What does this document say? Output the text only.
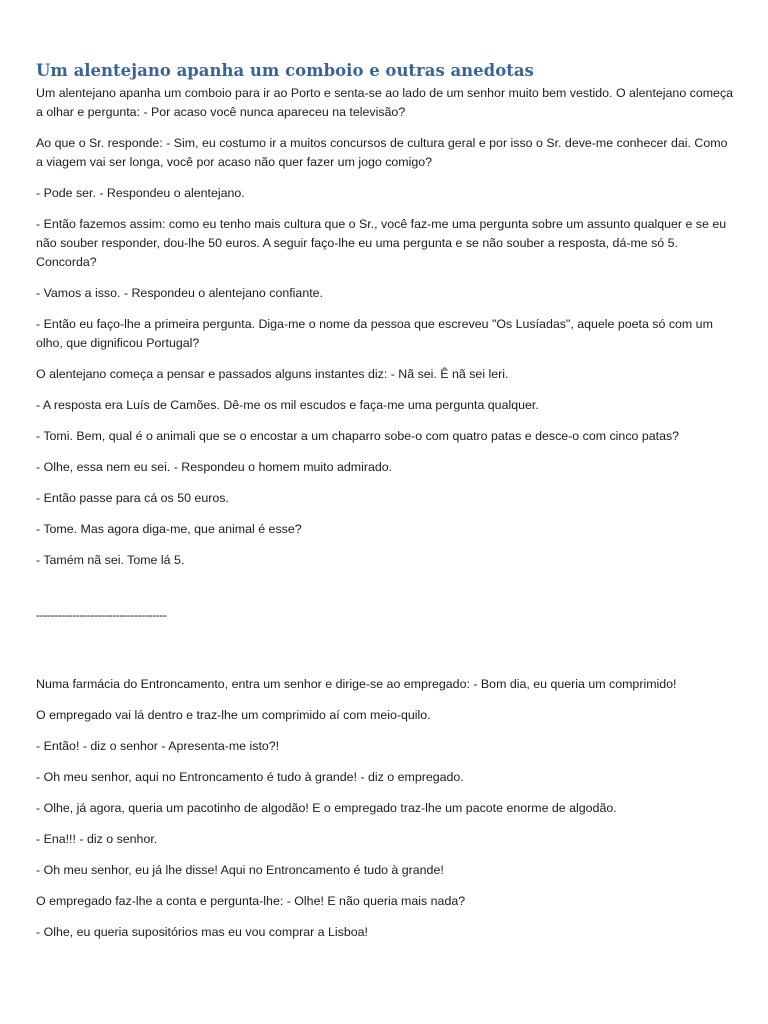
Um alentejano apanha um comboio e outras anedotas

Um alentejano apanha um comboio para ir ao Porto e senta-se ao lado de um senhor muito bem vestido. O alentejano começa a olhar e pergunta: - Por acaso você nunca apareceu na televisão?

Ao que o Sr. responde: - Sim, eu costumo ir a muitos concursos de cultura geral e por isso o Sr. deve-me conhecer dai. Como a viagem vai ser longa, você por acaso não quer fazer um jogo comigo?

- Pode ser. - Respondeu o alentejano.

- Então fazemos assim: como eu tenho mais cultura que o Sr., você faz-me uma pergunta sobre um assunto qualquer e se eu não souber responder, dou-lhe 50 euros. A seguir faço-lhe eu uma pergunta e se não souber a resposta, dá-me só 5. Concorda?

- Vamos a isso. - Respondeu o alentejano confiante.

- Então eu faço-lhe a primeira pergunta. Diga-me o nome da pessoa que escreveu "Os Lusíadas", aquele poeta só com um olho, que dignificou Portugal?

O alentejano começa a pensar e passados alguns instantes diz: - Nã sei. Ê nã sei leri.

- A resposta era Luís de Camões. Dê-me os mil escudos e faça-me uma pergunta qualquer.

- Tomi. Bem, qual é o animali que se o encostar a um chaparro sobe-o com quatro patas e desce-o com cinco patas?

- Olhe, essa nem eu sei. - Respondeu o homem muito admirado.

- Então passe para cá os 50 euros.

- Tome. Mas agora diga-me, que animal é esse?

- Tamém nã sei. Tome lá 5.

------------------------------------

Numa farmácia do Entroncamento, entra um senhor e dirige-se ao empregado: - Bom dia, eu queria um comprimido!

O empregado vai lá dentro e traz-lhe um comprimido aí com meio-quilo.

- Então! - diz o senhor - Apresenta-me isto?!

- Oh meu senhor, aqui no Entroncamento é tudo à grande! - diz o empregado.

- Olhe, já agora, queria um pacotinho de algodão! E o empregado traz-lhe um pacote enorme de algodão.

- Ena!!! - diz o senhor.

- Oh meu senhor, eu já lhe disse! Aqui no Entroncamento é tudo à grande!

O empregado faz-lhe a conta e pergunta-lhe: - Olhe! E não queria mais nada?

- Olhe, eu queria supositórios mas eu vou comprar a Lisboa!
